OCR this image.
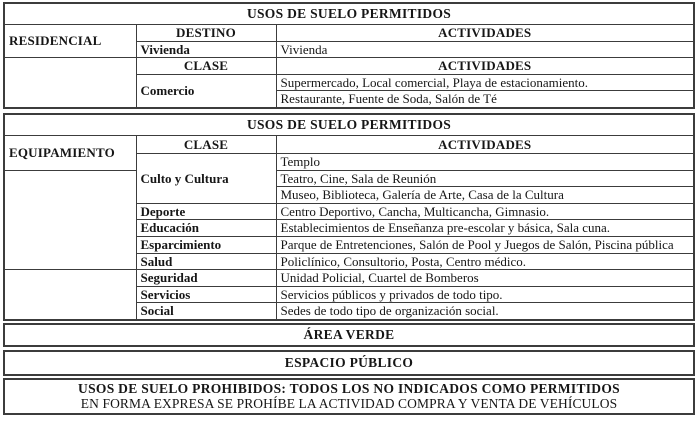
USOS DE SUELO PERMITIDOS		
RESIDENCIAL	DESTINO	ACTIVIDADES
	Vivienda	Vivienda
	CLASE	ACTIVIDADES
	Comercio	Supermercado, Local comercial, Playa de estacionamiento.
		Restaurante, Fuente de Soda, Salón de Té
USOS DE SUELO PERMITIDOS		
EQUIPAMIENTO	CLASE	ACTIVIDADES
	Culto y Cultura	Templo
		Teatro, Cine, Sala de Reunión
		Museo, Biblioteca, Galería de Arte, Casa de la Cultura
	Deporte	Centro Deportivo, Cancha, Multicancha, Gimnasio.
	Educación	Establecimientos de Enseñanza pre-escolar y básica, Sala cuna.
	Esparcimiento	Parque de Entretenciones, Salón de Pool y Juegos de Salón, Piscina pública
	Salud	Policlínico, Consultorio, Posta, Centro médico.
	Seguridad	Unidad Policial, Cuartel de Bomberos
	Servicios	Servicios públicos y privados de todo tipo.
	Social	Sedes de todo tipo de organización social.
ÁREA VERDE
ESPACIO PÚBLICO
USOS DE SUELO PROHIBIDOS: TODOS LOS NO INDICADOS COMO PERMITIDOS
EN FORMA EXPRESA SE PROHÍBE LA ACTIVIDAD COMPRA Y VENTA DE VEHÍCULOS
